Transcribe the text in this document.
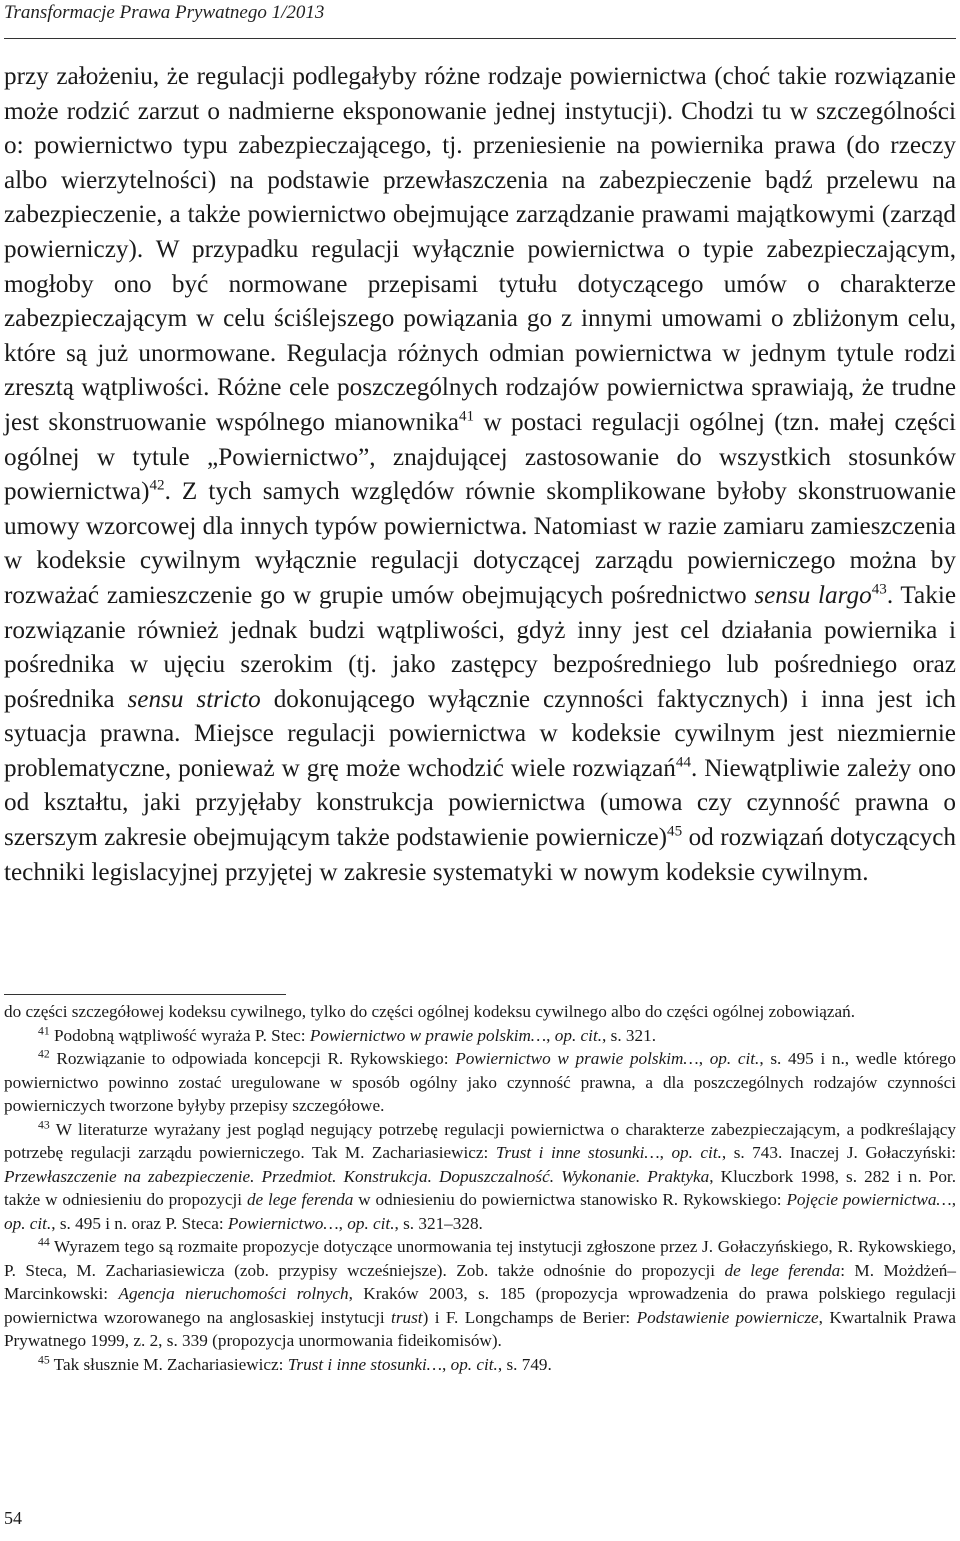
Transformacje Prawa Prywatnego 1/2013

przy założeniu, że regulacji podlegałyby różne rodzaje powiernictwa (choć takie rozwiązanie może rodzić zarzut o nadmierne eksponowanie jednej instytucji). Chodzi tu w szczególności o: powiernictwo typu zabezpieczającego, tj. przeniesienie na powiernika prawa (do rzeczy albo wierzytelności) na podstawie przewłaszczenia na zabezpieczenie bądź przelewu na zabezpieczenie, a także powiernictwo obejmujące zarządzanie prawami majątkowymi (zarząd powierniczy). W przypadku regulacji wyłącznie powiernictwa o typie zabezpieczającym, mogłoby ono być normowane przepisami tytułu dotyczącego umów o charakterze zabezpieczającym w celu ściślejszego powiązania go z innymi umowami o zbliżonym celu, które są już unormowane. Regulacja różnych odmian powiernictwa w jednym tytule rodzi zresztą wątpliwości. Różne cele poszczególnych rodzajów powiernictwa sprawiają, że trudne jest skonstruowanie wspólnego mianownika$^{41}$ w postaci regulacji ogólnej (tzn. małej części ogólnej w tytule „Powiernictwo”, znajdującej zastosowanie do wszystkich stosunków powiernictwa)$^{42}$. Z tych samych względów równie skomplikowane byłoby skonstruowanie umowy wzorcowej dla innych typów powiernictwa. Natomiast w razie zamiaru zamieszczenia w kodeksie cywilnym wyłącznie regulacji dotyczącej zarządu powierniczego można by rozważać zamieszczenie go w grupie umów obejmujących pośrednictwo sensu largo$^{43}$. Takie rozwiązanie również jednak budzi wątpliwości, gdyż inny jest cel działania powiernika i pośrednika w ujęciu szerokim (tj. jako zastępcy bezpośredniego lub pośredniego oraz pośrednika sensu stricto dokonującego wyłącznie czynności faktycznych) i inna jest ich sytuacja prawna. Miejsce regulacji powiernictwa w kodeksie cywilnym jest niezmiernie problematyczne, ponieważ w grę może wchodzić wiele rozwiązań$^{44}$. Niewątpliwie zależy ono od kształtu, jaki przyjęłaby konstrukcja powiernictwa (umowa czy czynność prawna o szerszym zakresie obejmującym także podstawienie powiernicze)$^{45}$ od rozwiązań dotyczących techniki legislacyjnej przyjętej w zakresie systematyki w nowym kodeksie cywilnym.

do części szczegółowej kodeksu cywilnego, tylko do części ogólnej kodeksu cywilnego albo do części ogólnej zobowiązań.

$^{41}$ Podobną wątpliwość wyraża P. Stec: Powiernictwo w prawie polskim…, op. cit., s. 321.

$^{42}$ Rozwiązanie to odpowiada koncepcji R. Rykowskiego: Powiernictwo w prawie polskim…, op. cit., s. 495 i n., wedle którego powiernictwo powinno zostać uregulowane w sposób ogólny jako czynność prawna, a dla poszczególnych rodzajów czynności powierniczych tworzone byłyby przepisy szczegółowe.

$^{43}$ W literaturze wyrażany jest pogląd negujący potrzebę regulacji powiernictwa o charakterze zabezpieczającym, a podkreślający potrzebę regulacji zarządu powierniczego. Tak M. Zachariasiewicz: Trust i inne stosunki…, op. cit., s. 743. Inaczej J. Gołaczyński: Przewłaszczenie na zabezpieczenie. Przedmiot. Konstrukcja. Dopuszczalność. Wykonanie. Praktyka, Kluczbork 1998, s. 282 i n. Por. także w odniesieniu do propozycji de lege ferenda w odniesieniu do powiernictwa stanowisko R. Rykowskiego: Pojęcie powiernictwa…, op. cit., s. 495 i n. oraz P. Steca: Powiernictwo…, op. cit., s. 321–328.

$^{44}$ Wyrazem tego są rozmaite propozycje dotyczące unormowania tej instytucji zgłoszone przez J. Gołaczyńskiego, R. Rykowskiego, P. Steca, M. Zachariasiewicza (zob. przypisy wcześniejsze). Zob. także odnośnie do propozycji de lege ferenda: M. Możdżeń–Marcinkowski: Agencja nieruchomości rolnych, Kraków 2003, s. 185 (propozycja wprowadzenia do prawa polskiego regulacji powiernictwa wzorowanego na anglosaskiej instytucji trust) i F. Longchamps de Berier: Podstawienie powiernicze, Kwartalnik Prawa Prywatnego 1999, z. 2, s. 339 (propozycja unormowania fideikomisów).

$^{45}$ Tak słusznie M. Zachariasiewicz: Trust i inne stosunki…, op. cit., s. 749.

54
